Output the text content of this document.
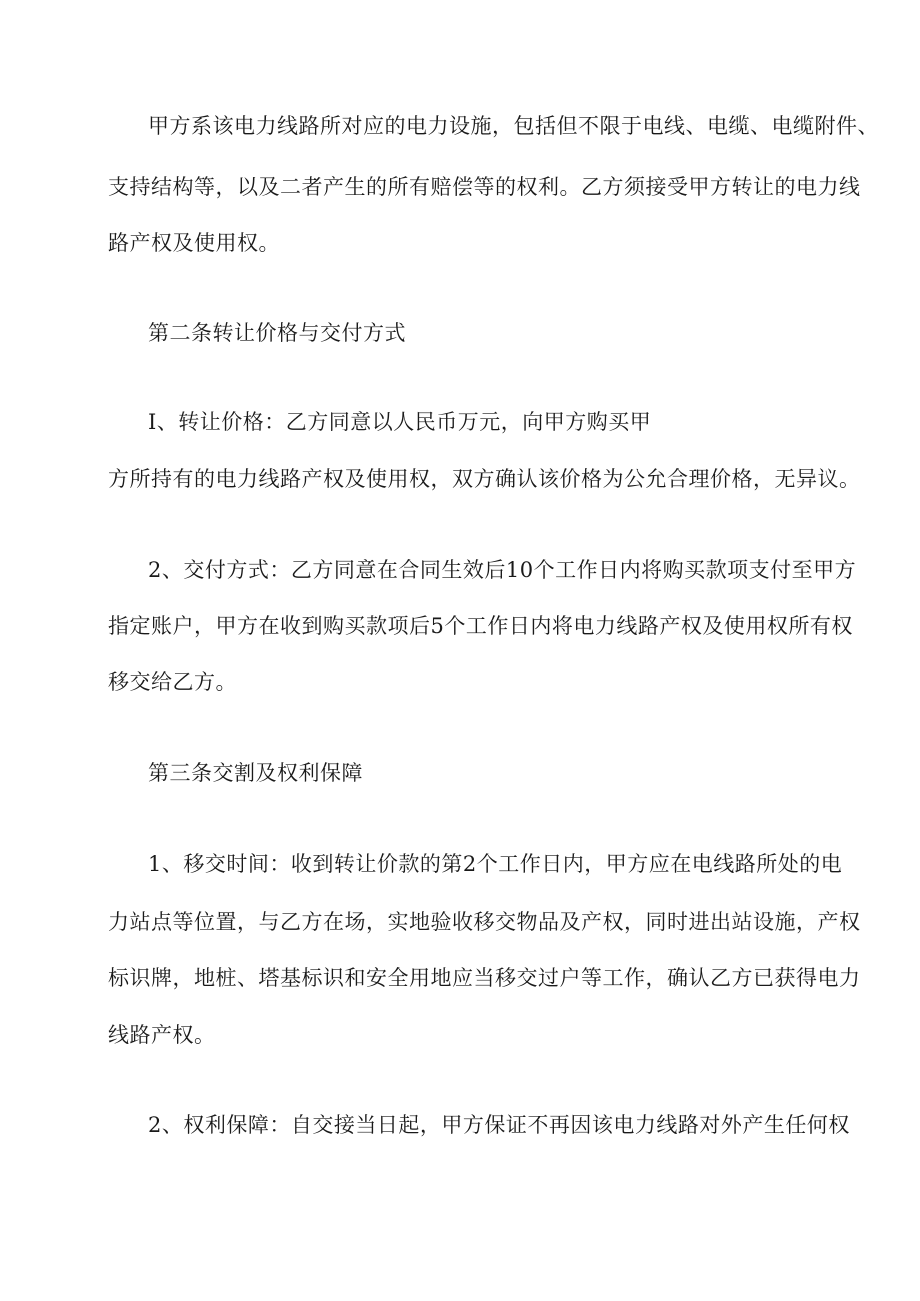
甲方系该电力线路所对应的电力设施，包括但不限于电线、电缆、电缆附件、
支持结构等，以及二者产生的所有赔偿等的权利。乙方须接受甲方转让的电力线
路产权及使用权。
第二条转让价格与交付方式
I、转让价格：乙方同意以人民币万元，向甲方购买甲
方所持有的电力线路产权及使用权，双方确认该价格为公允合理价格，无异议。
2、交付方式：乙方同意在合同生效后10个工作日内将购买款项支付至甲方
指定账户，甲方在收到购买款项后5个工作日内将电力线路产权及使用权所有权
移交给乙方。
第三条交割及权利保障
1、移交时间：收到转让价款的第2个工作日内，甲方应在电线路所处的电
力站点等位置，与乙方在场，实地验收移交物品及产权，同时进出站设施，产权
标识牌，地桩、塔基标识和安全用地应当移交过户等工作，确认乙方已获得电力
线路产权。
2、权利保障：自交接当日起，甲方保证不再因该电力线路对外产生任何权
